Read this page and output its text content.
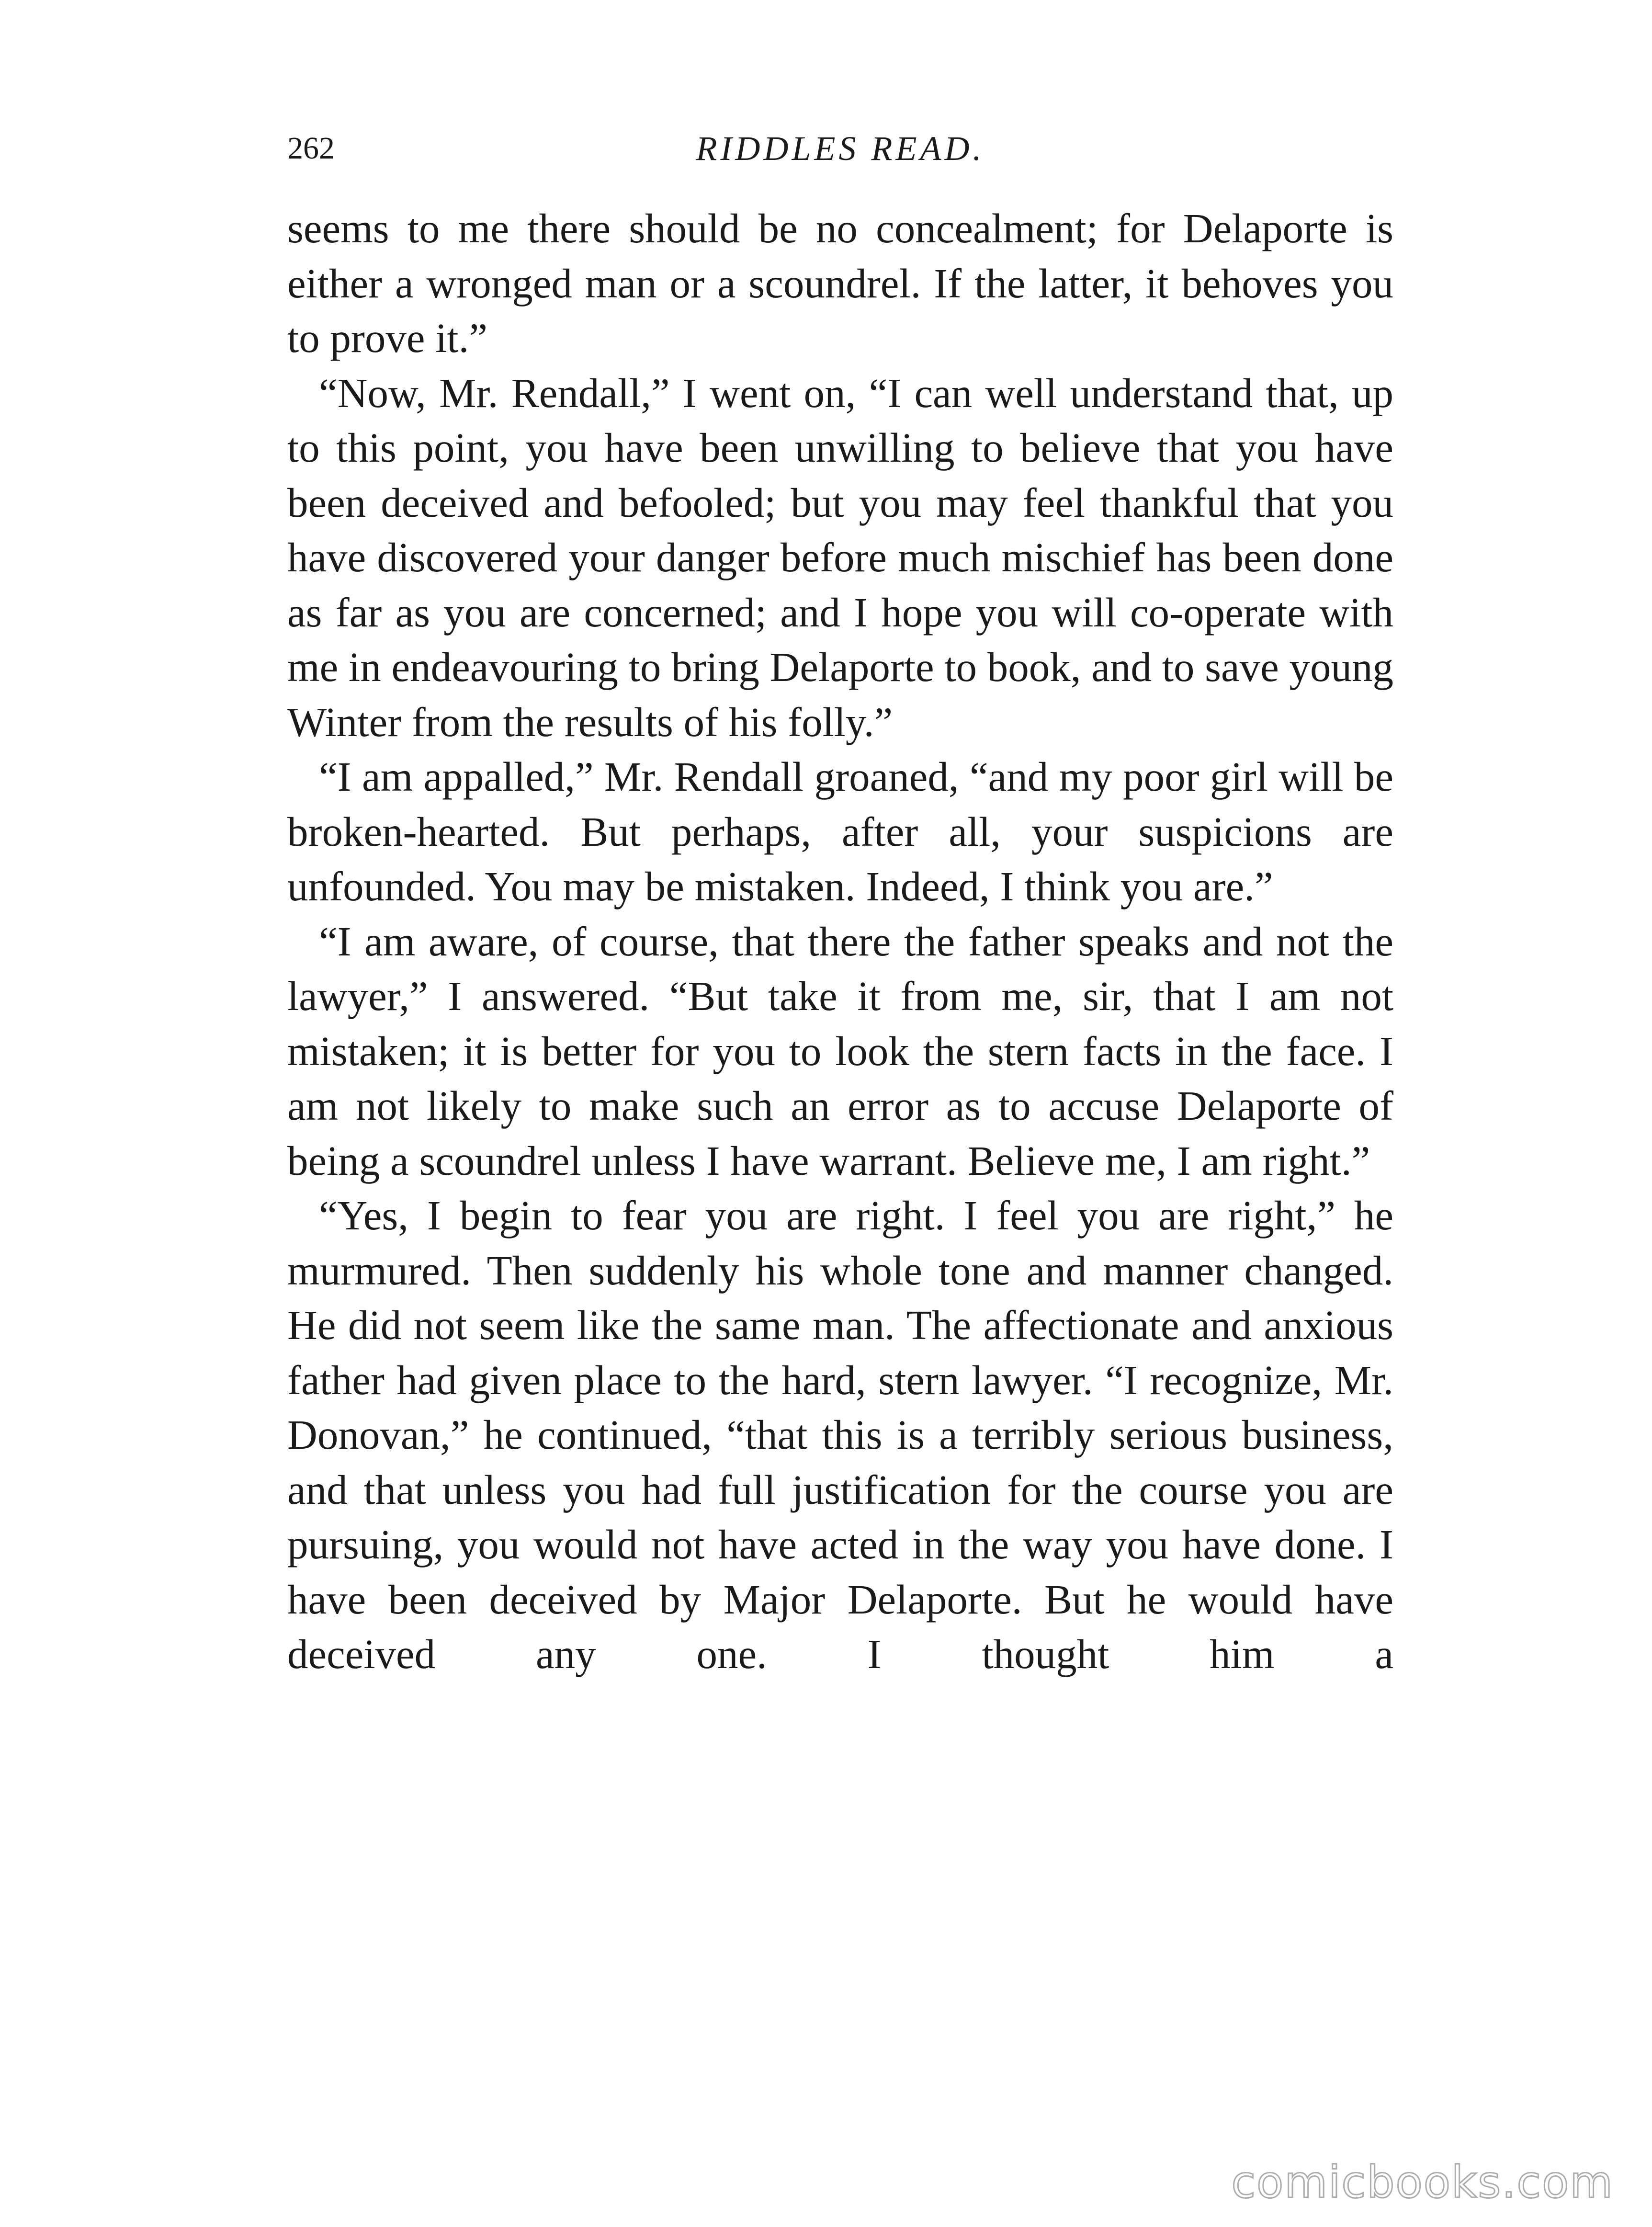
262	RIDDLES READ.

seems to me there should be no concealment; for Delaporte is either a wronged man or a scoundrel. If the latter, it behoves you to prove it.”

“Now, Mr. Rendall,” I went on, “I can well understand that, up to this point, you have been unwilling to believe that you have been deceived and befooled; but you may feel thankful that you have discovered your danger before much mischief has been done as far as you are concerned; and I hope you will co-operate with me in endeavouring to bring Delaporte to book, and to save young Winter from the results of his folly.”

“I am appalled,” Mr. Rendall groaned, “and my poor girl will be broken-hearted. But perhaps, after all, your suspicions are unfounded. You may be mistaken. Indeed, I think you are.”

“I am aware, of course, that there the father speaks and not the lawyer,” I answered. “But take it from me, sir, that I am not mistaken; it is better for you to look the stern facts in the face. I am not likely to make such an error as to accuse Delaporte of being a scoundrel unless I have warrant. Believe me, I am right.”

“Yes, I begin to fear you are right. I feel you are right,” he murmured. Then suddenly his whole tone and manner changed. He did not seem like the same man. The affectionate and anxious father had given place to the hard, stern lawyer. “I recognize, Mr. Donovan,” he continued, “that this is a terribly serious business, and that unless you had full justification for the course you are pursuing, you would not have acted in the way you have done. I have been deceived by Major Delaporte. But he would have deceived any one. I thought him a

comicbooks.com
